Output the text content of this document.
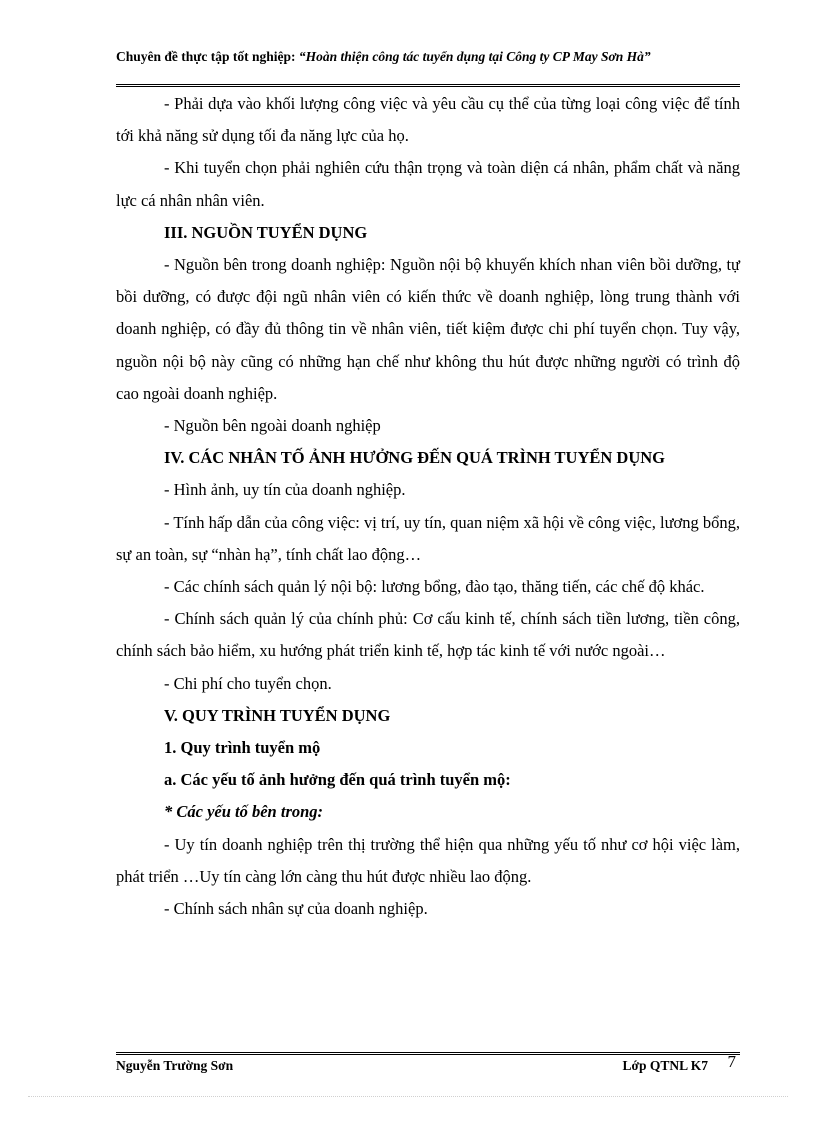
Chuyên đề thực tập tốt nghiệp: “Hoàn thiện công tác tuyển dụng tại Công ty CP May Sơn Hà”

- Phải dựa vào khối lượng công việc và yêu cầu cụ thể của từng loại công việc để tính tới khả năng sử dụng tối đa năng lực của họ.

- Khi tuyển chọn phải nghiên cứu thận trọng và toàn diện cá nhân, phẩm chất và năng lực cá nhân nhân viên.

III. NGUỒN TUYỂN DỤNG

- Nguồn bên trong doanh nghiệp: Nguồn nội bộ khuyến khích nhan viên bồi dưỡng, tự bồi dưỡng, có được đội ngũ nhân viên có kiến thức về doanh nghiệp, lòng trung thành với doanh nghiệp, có đầy đủ thông tin về nhân viên, tiết kiệm được chi phí tuyển chọn. Tuy vậy, nguồn nội bộ này cũng có những hạn chế như không thu hút được những người có trình độ cao ngoài doanh nghiệp.

- Nguồn bên ngoài doanh nghiệp

IV. CÁC NHÂN TỐ ẢNH HƯỞNG ĐẾN QUÁ TRÌNH TUYỂN DỤNG

- Hình ảnh, uy tín của doanh nghiệp.

- Tính hấp dẫn của công việc: vị trí, uy tín, quan niệm xã hội về công việc, lương bổng, sự an toàn, sự “nhàn hạ”, tính chất lao động…

- Các chính sách quản lý nội bộ: lương bổng, đào tạo, thăng tiến, các chế độ khác.

- Chính sách quản lý của chính phủ: Cơ cấu kinh tế, chính sách tiền lương, tiền công, chính sách bảo hiểm, xu hướng phát triển kinh tế, hợp tác kinh tế với nước ngoài…

- Chi phí cho tuyển chọn.

V. QUY TRÌNH TUYỂN DỤNG

1. Quy trình tuyển mộ

a. Các yếu tố ảnh hưởng đến quá trình tuyển mộ:

* Các yếu tố bên trong:

- Uy tín doanh nghiệp trên thị trường thể hiện qua những yếu tố như cơ hội việc làm, phát triển …Uy tín càng lớn càng thu hút được nhiều lao động.

- Chính sách nhân sự của doanh nghiệp.

Nguyễn Trường Sơn	Lớp QTNL K7 7
